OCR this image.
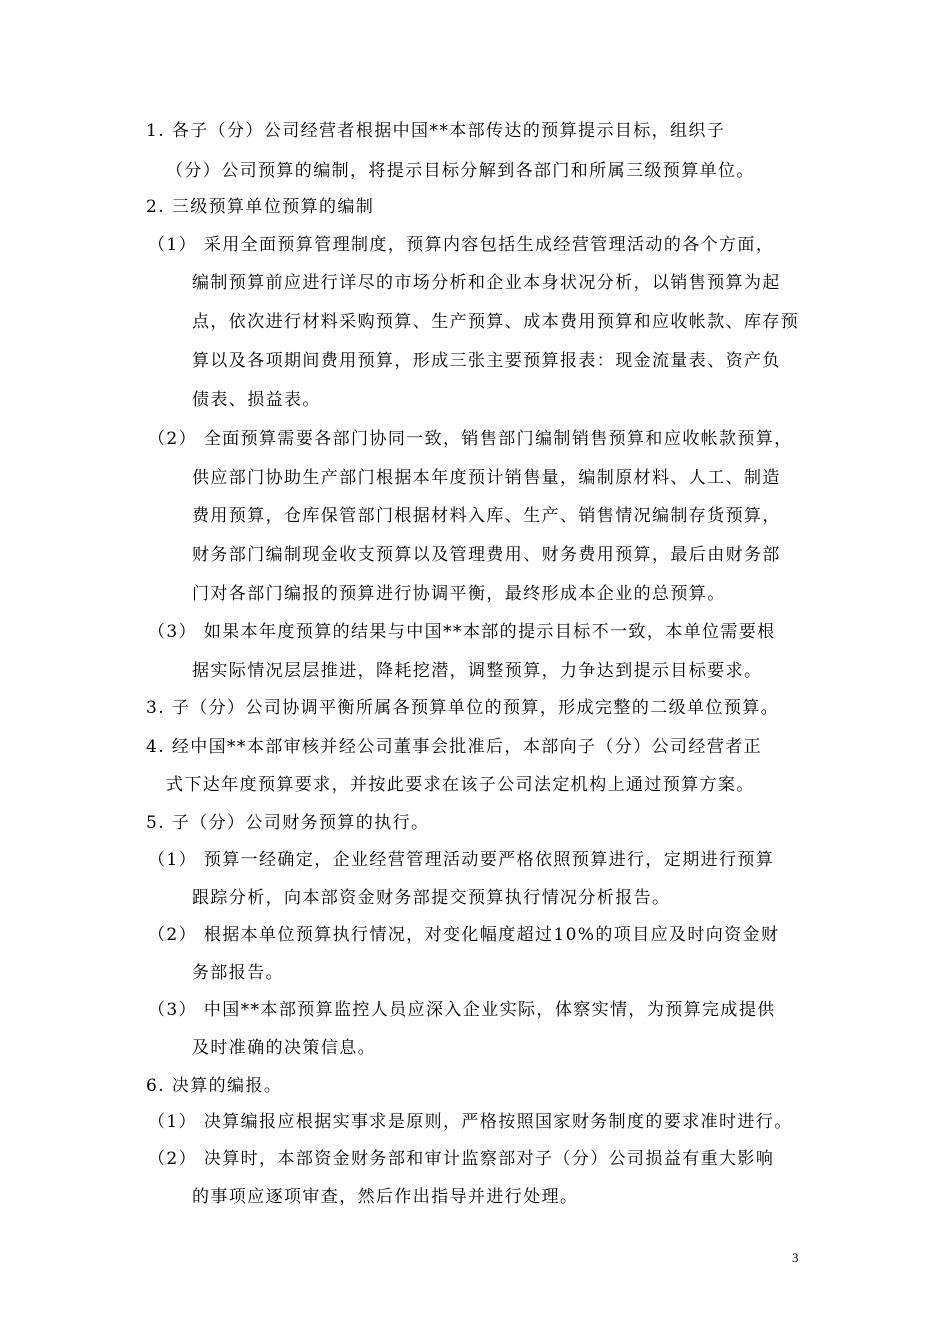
1. 各子（分）公司经营者根据中国**本部传达的预算提示目标，组织子
（分）公司预算的编制，将提示目标分解到各部门和所属三级预算单位。
2. 三级预算单位预算的编制
（1） 采用全面预算管理制度，预算内容包括生成经营管理活动的各个方面，
编制预算前应进行详尽的市场分析和企业本身状况分析，以销售预算为起
点，依次进行材料采购预算、生产预算、成本费用预算和应收帐款、库存预
算以及各项期间费用预算，形成三张主要预算报表：现金流量表、资产负
债表、损益表。
（2） 全面预算需要各部门协同一致，销售部门编制销售预算和应收帐款预算，
供应部门协助生产部门根据本年度预计销售量，编制原材料、人工、制造
费用预算，仓库保管部门根据材料入库、生产、销售情况编制存货预算，
财务部门编制现金收支预算以及管理费用、财务费用预算，最后由财务部
门对各部门编报的预算进行协调平衡，最终形成本企业的总预算。
（3） 如果本年度预算的结果与中国**本部的提示目标不一致，本单位需要根
据实际情况层层推进，降耗挖潜，调整预算，力争达到提示目标要求。
3. 子（分）公司协调平衡所属各预算单位的预算，形成完整的二级单位预算。
4. 经中国**本部审核并经公司董事会批准后，本部向子（分）公司经营者正
式下达年度预算要求，并按此要求在该子公司法定机构上通过预算方案。
5. 子（分）公司财务预算的执行。
（1） 预算一经确定，企业经营管理活动要严格依照预算进行，定期进行预算
跟踪分析，向本部资金财务部提交预算执行情况分析报告。
（2） 根据本单位预算执行情况，对变化幅度超过10%的项目应及时向资金财
务部报告。
（3） 中国**本部预算监控人员应深入企业实际，体察实情，为预算完成提供
及时准确的决策信息。
6. 决算的编报。
（1） 决算编报应根据实事求是原则，严格按照国家财务制度的要求准时进行。
（2） 决算时，本部资金财务部和审计监察部对子（分）公司损益有重大影响
的事项应逐项审查，然后作出指导并进行处理。
3
